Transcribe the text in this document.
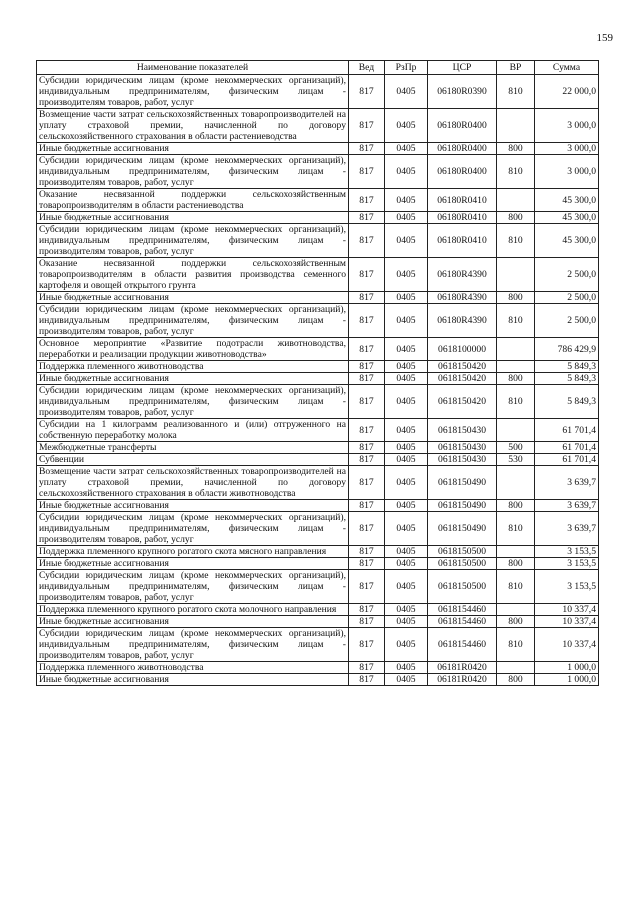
159
Наименование показателей	Вед	РзПр	ЦСР	ВР	Сумма
Субсидии юридическим лицам (кроме некоммерческих организаций), индивидуальным предпринимателям, физическим лицам - производителям товаров, работ, услуг	817	0405	06180R0390	810	22 000,0
Возмещение части затрат сельскохозяйственных товаропроизводителей на уплату страховой премии, начисленной по договору сельскохозяйственного страхования в области растениеводства	817	0405	06180R0400		3 000,0
Иные бюджетные ассигнования	817	0405	06180R0400	800	3 000,0
Субсидии юридическим лицам (кроме некоммерческих организаций), индивидуальным предпринимателям, физическим лицам - производителям товаров, работ, услуг	817	0405	06180R0400	810	3 000,0
Оказание несвязанной поддержки сельскохозяйственным товаропроизводителям в области растениеводства	817	0405	06180R0410		45 300,0
Иные бюджетные ассигнования	817	0405	06180R0410	800	45 300,0
Субсидии юридическим лицам (кроме некоммерческих организаций), индивидуальным предпринимателям, физическим лицам - производителям товаров, работ, услуг	817	0405	06180R0410	810	45 300,0
Оказание несвязанной поддержки сельскохозяйственным товаропроизводителям в области развития производства семенного картофеля и овощей открытого грунта	817	0405	06180R4390		2 500,0
Иные бюджетные ассигнования	817	0405	06180R4390	800	2 500,0
Субсидии юридическим лицам (кроме некоммерческих организаций), индивидуальным предпринимателям, физическим лицам - производителям товаров, работ, услуг	817	0405	06180R4390	810	2 500,0
Основное мероприятие «Развитие подотрасли животноводства, переработки и реализации продукции животноводства»	817	0405	0618100000		786 429,9
Поддержка племенного животноводства	817	0405	0618150420		5 849,3
Иные бюджетные ассигнования	817	0405	0618150420	800	5 849,3
Субсидии юридическим лицам (кроме некоммерческих организаций), индивидуальным предпринимателям, физическим лицам - производителям товаров, работ, услуг	817	0405	0618150420	810	5 849,3
Субсидии на 1 килограмм реализованного и (или) отгруженного на собственную переработку молока	817	0405	0618150430		61 701,4
Межбюджетные трансферты	817	0405	0618150430	500	61 701,4
Субвенции	817	0405	0618150430	530	61 701,4
Возмещение части затрат сельскохозяйственных товаропроизводителей на уплату страховой премии, начисленной по договору сельскохозяйственного страхования в области животноводства	817	0405	0618150490		3 639,7
Иные бюджетные ассигнования	817	0405	0618150490	800	3 639,7
Субсидии юридическим лицам (кроме некоммерческих организаций), индивидуальным предпринимателям, физическим лицам - производителям товаров, работ, услуг	817	0405	0618150490	810	3 639,7
Поддержка племенного крупного рогатого скота мясного направления	817	0405	0618150500		3 153,5
Иные бюджетные ассигнования	817	0405	0618150500	800	3 153,5
Субсидии юридическим лицам (кроме некоммерческих организаций), индивидуальным предпринимателям, физическим лицам - производителям товаров, работ, услуг	817	0405	0618150500	810	3 153,5
Поддержка племенного крупного рогатого скота молочного направления	817	0405	0618154460		10 337,4
Иные бюджетные ассигнования	817	0405	0618154460	800	10 337,4
Субсидии юридическим лицам (кроме некоммерческих организаций), индивидуальным предпринимателям, физическим лицам - производителям товаров, работ, услуг	817	0405	0618154460	810	10 337,4
Поддержка племенного животноводства	817	0405	06181R0420		1 000,0
Иные бюджетные ассигнования	817	0405	06181R0420	800	1 000,0
